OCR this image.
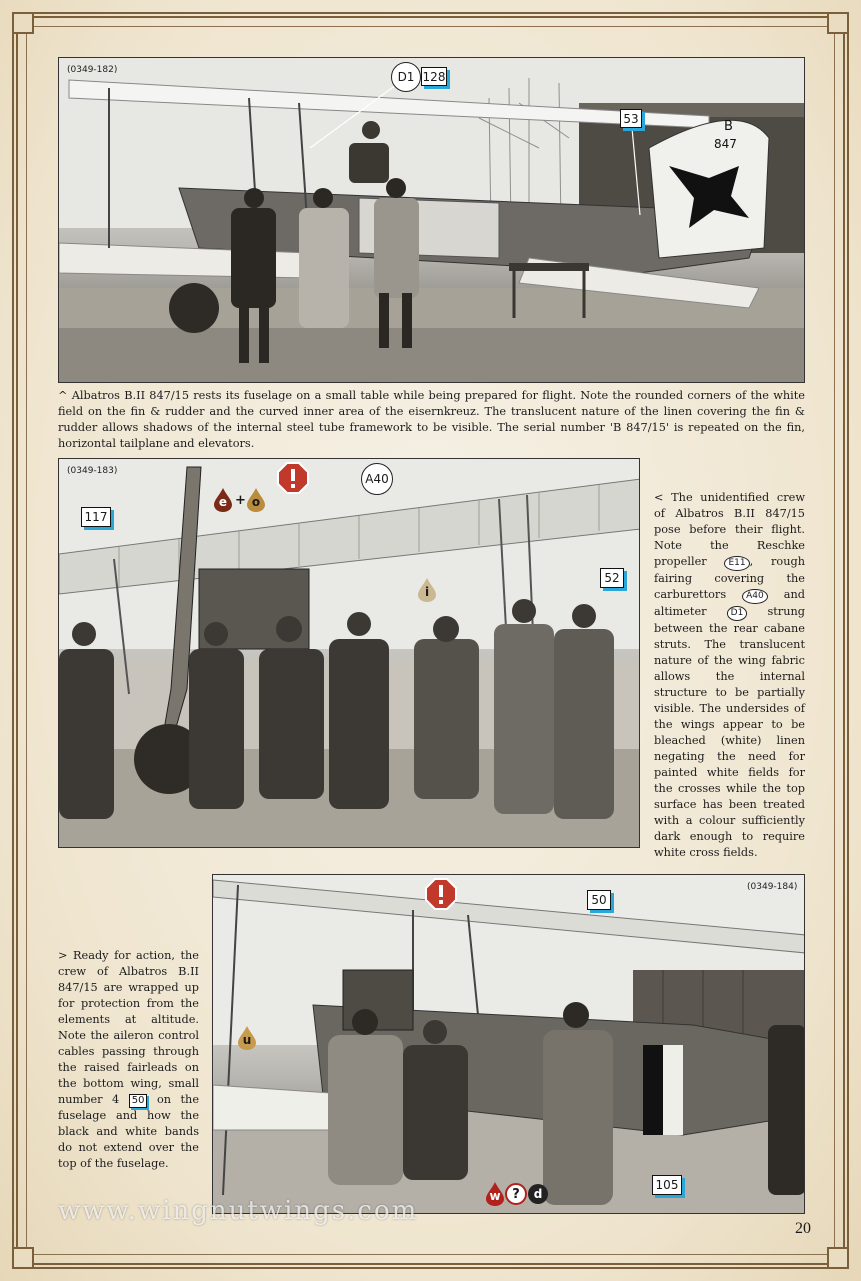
B
847
(0349-182)	D1 128
53
^ Albatros B.II 847/15 rests its fuselage on a small table while being prepared for flight. Note the rounded corners of the white field on the fin & rudder and the curved inner area of the eisernkreuz. The translucent nature of the linen covering the fin & rudder allows shadows of the internal steel tube framework to be visible. The serial number 'B 847/15' is repeated on the fin, horizontal tailplane and elevators.
(0349-183)
117
e + o
A40
i
52
< The unidentified crew of Albatros B.II 847/15 pose before their flight. Note the Reschke propeller E11 , rough fairing covering the carburettors A40 and altimeter D1 strung between the rear cabane struts. The translucent nature of the wing fabric allows the internal structure to be partially visible. The undersides of the wings appear to be bleached (white) linen negating the need for painted white fields for the crosses while the top surface has been treated with a colour sufficiently dark enough to require white cross fields.
(0349-184)
50
u
105
w ?	d
> Ready for action, the crew of Albatros B.II 847/15 are wrapped up for protection from the elements at altitude. Note the aileron control cables passing through the raised fairleads on the bottom wing, small number 4 50 on the fuselage and how the black and white bands do not extend over the top of the fuselage.
www.wingnutwings.com
20
